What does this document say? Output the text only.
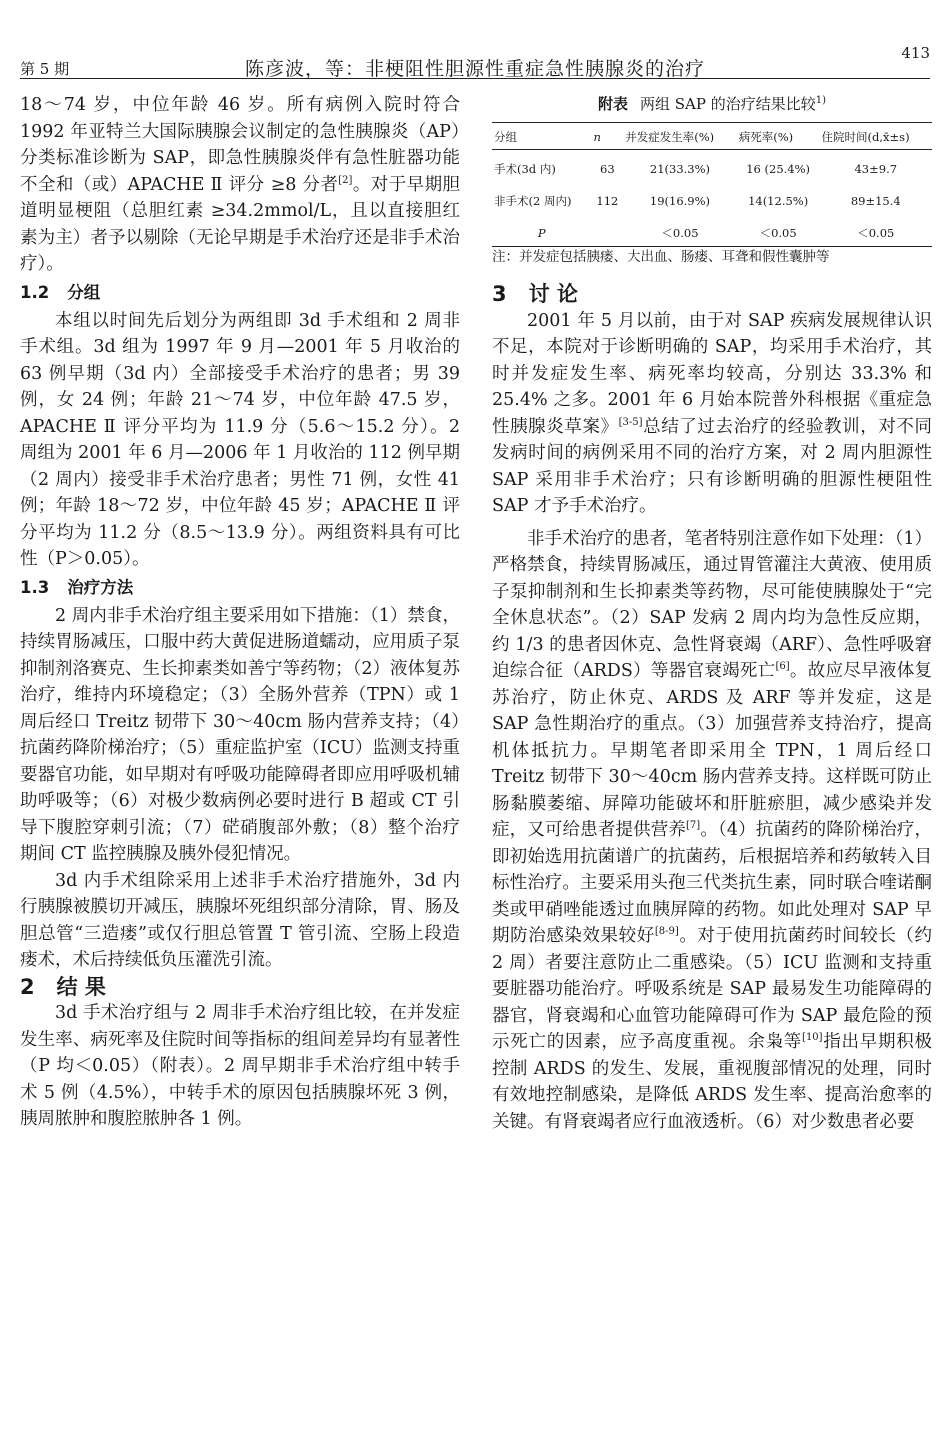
第 5 期	陈彦波，等：非梗阻性胆源性重症急性胰腺炎的治疗
413

18～74 岁，中位年龄 46 岁。所有病例入院时符合 1992 年亚特兰大国际胰腺会议制定的急性胰腺炎（AP）分类标准诊断为 SAP，即急性胰腺炎伴有急性脏器功能不全和（或）APACHE Ⅱ 评分 ≥8 分者[2]。对于早期胆道明显梗阻（总胆红素 ≥34.2mmol/L，且以直接胆红素为主）者予以剔除（无论早期是手术治疗还是非手术治疗）。

1.2 分组

本组以时间先后划分为两组即 3d 手术组和 2 周非手术组。3d 组为 1997 年 9 月—2001 年 5 月收治的 63 例早期（3d 内）全部接受手术治疗的患者；男 39 例，女 24 例；年龄 21～74 岁，中位年龄 47.5 岁，APACHE Ⅱ 评分平均为 11.9 分（5.6～15.2 分）。2 周组为 2001 年 6 月—2006 年 1 月收治的 112 例早期（2 周内）接受非手术治疗患者；男性 71 例，女性 41 例；年龄 18～72 岁，中位年龄 45 岁；APACHE Ⅱ 评分平均为 11.2 分（8.5～13.9 分）。两组资料具有可比性（P＞0.05）。

1.3 治疗方法

2 周内非手术治疗组主要采用如下措施：（1）禁食，持续胃肠减压，口服中药大黄促进肠道蠕动，应用质子泵抑制剂洛赛克、生长抑素类如善宁等药物；（2）液体复苏治疗，维持内环境稳定；（3）全肠外营养（TPN）或 1 周后经口 Treitz 韧带下 30～40cm 肠内营养支持；（4）抗菌药降阶梯治疗；（5）重症监护室（ICU）监测支持重要器官功能，如早期对有呼吸功能障碍者即应用呼吸机辅助呼吸等；（6）对极少数病例必要时进行 B 超或 CT 引导下腹腔穿刺引流；（7）硭硝腹部外敷；（8）整个治疗期间 CT 监控胰腺及胰外侵犯情况。

3d 内手术组除采用上述非手术治疗措施外，3d 内行胰腺被膜切开减压，胰腺坏死组织部分清除，胃、肠及胆总管“三造瘘”或仅行胆总管置 T 管引流、空肠上段造瘘术，术后持续低负压灌洗引流。

2 结 果

3d 手术治疗组与 2 周非手术治疗组比较，在并发症发生率、病死率及住院时间等指标的组间差异均有显著性（P 均＜0.05）（附表）。2 周早期非手术治疗组中转手术 5 例（4.5%），中转手术的原因包括胰腺坏死 3 例，胰周脓肿和腹腔脓肿各 1 例。

附表 两组 SAP 的治疗结果比较$^{1)}$
分组	n	并发症发生率(%)	病死率(%)	住院时间(d,x̄±s)
手术(3d 内)	63	21(33.3%)	16 (25.4%)	43±9.7
非手术(2 周内)	112	19(16.9%)	14(12.5%)	89±15.4
P		＜0.05	＜0.05	＜0.05

注：并发症包括胰瘘、大出血、肠瘘、耳聋和假性囊肿等

3 讨 论

2001 年 5 月以前，由于对 SAP 疾病发展规律认识不足，本院对于诊断明确的 SAP，均采用手术治疗，其时并发症发生率、病死率均较高，分别达 33.3% 和 25.4% 之多。2001 年 6 月始本院普外科根据《重症急性胰腺炎草案》[3-5]总结了过去治疗的经验教训，对不同发病时间的病例采用不同的治疗方案，对 2 周内胆源性 SAP 采用非手术治疗；只有诊断明确的胆源性梗阻性 SAP 才予手术治疗。

非手术治疗的患者，笔者特别注意作如下处理：（1）严格禁食，持续胃肠减压，通过胃管灌注大黄液、使用质子泵抑制剂和生长抑素类等药物，尽可能使胰腺处于“完全休息状态”。（2）SAP 发病 2 周内均为急性反应期，约 1/3 的患者因休克、急性肾衰竭（ARF）、急性呼吸窘迫综合征（ARDS）等器官衰竭死亡[6]。故应尽早液体复苏治疗，防止休克、ARDS 及 ARF 等并发症，这是 SAP 急性期治疗的重点。（3）加强营养支持治疗，提高机体抵抗力。早期笔者即采用全 TPN，1 周后经口 Treitz 韧带下 30～40cm 肠内营养支持。这样既可防止肠黏膜萎缩、屏障功能破坏和肝脏瘀胆，减少感染并发症，又可给患者提供营养[7]。（4）抗菌药的降阶梯治疗，即初始选用抗菌谱广的抗菌药，后根据培养和药敏转入目标性治疗。主要采用头孢三代类抗生素，同时联合喹诺酮类或甲硝唑能透过血胰屏障的药物。如此处理对 SAP 早期防治感染效果较好[8-9]。对于使用抗菌药时间较长（约 2 周）者要注意防止二重感染。（5）ICU 监测和支持重要脏器功能治疗。呼吸系统是 SAP 最易发生功能障碍的器官，肾衰竭和心血管功能障碍可作为 SAP 最危险的预示死亡的因素，应予高度重视。余枭等[10]指出早期积极控制 ARDS 的发生、发展，重视腹部情况的处理，同时有效地控制感染，是降低 ARDS 发生率、提高治愈率的关键。有肾衰竭者应行血液透析。（6）对少数患者必要
